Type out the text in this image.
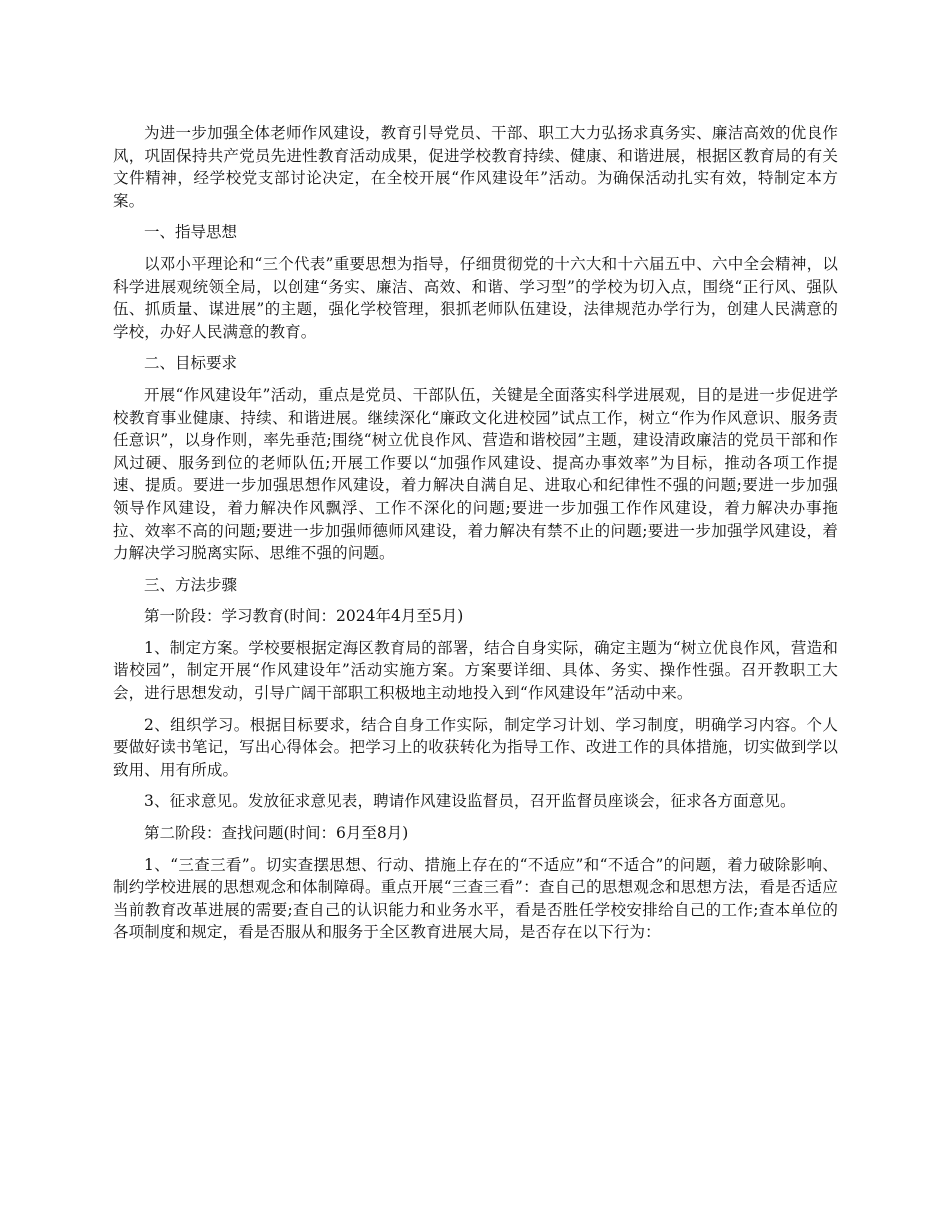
为进一步加强全体老师作风建设，教育引导党员、干部、职工大力弘扬求真务实、廉洁高效的优良作风，巩固保持共产党员先进性教育活动成果，促进学校教育持续、健康、和谐进展，根据区教育局的有关文件精神，经学校党支部讨论决定，在全校开展“作风建设年”活动。为确保活动扎实有效，特制定本方案。

一、指导思想

以邓小平理论和“三个代表”重要思想为指导，仔细贯彻党的十六大和十六届五中、六中全会精神，以科学进展观统领全局，以创建“务实、廉洁、高效、和谐、学习型”的学校为切入点，围绕“正行风、强队伍、抓质量、谋进展”的主题，强化学校管理，狠抓老师队伍建设，法律规范办学行为，创建人民满意的学校，办好人民满意的教育。

二、目标要求

开展“作风建设年”活动，重点是党员、干部队伍，关键是全面落实科学进展观，目的是进一步促进学校教育事业健康、持续、和谐进展。继续深化“廉政文化进校园”试点工作，树立“作为作风意识、服务责任意识”，以身作则，率先垂范;围绕“树立优良作风、营造和谐校园”主题，建设清政廉洁的党员干部和作风过硬、服务到位的老师队伍;开展工作要以“加强作风建设、提高办事效率”为目标，推动各项工作提速、提质。要进一步加强思想作风建设，着力解决自满自足、进取心和纪律性不强的问题;要进一步加强领导作风建设，着力解决作风飘浮、工作不深化的问题;要进一步加强工作作风建设，着力解决办事拖拉、效率不高的问题;要进一步加强师德师风建设，着力解决有禁不止的问题;要进一步加强学风建设，着力解决学习脱离实际、思维不强的问题。

三、方法步骤

第一阶段：学习教育(时间：2024年4月至5月)

1、制定方案。学校要根据定海区教育局的部署，结合自身实际，确定主题为“树立优良作风，营造和谐校园”，制定开展“作风建设年”活动实施方案。方案要详细、具体、务实、操作性强。召开教职工大会，进行思想发动，引导广阔干部职工积极地主动地投入到“作风建设年”活动中来。

2、组织学习。根据目标要求，结合自身工作实际，制定学习计划、学习制度，明确学习内容。个人要做好读书笔记，写出心得体会。把学习上的收获转化为指导工作、改进工作的具体措施，切实做到学以致用、用有所成。

3、征求意见。发放征求意见表，聘请作风建设监督员，召开监督员座谈会，征求各方面意见。

第二阶段：查找问题(时间：6月至8月)

1、“三查三看”。切实查摆思想、行动、措施上存在的“不适应”和“不适合”的问题，着力破除影响、制约学校进展的思想观念和体制障碍。重点开展“三查三看”：查自己的思想观念和思想方法，看是否适应当前教育改革进展的需要;查自己的认识能力和业务水平，看是否胜任学校安排给自己的工作;查本单位的各项制度和规定，看是否服从和服务于全区教育进展大局，是否存在以下行为：
